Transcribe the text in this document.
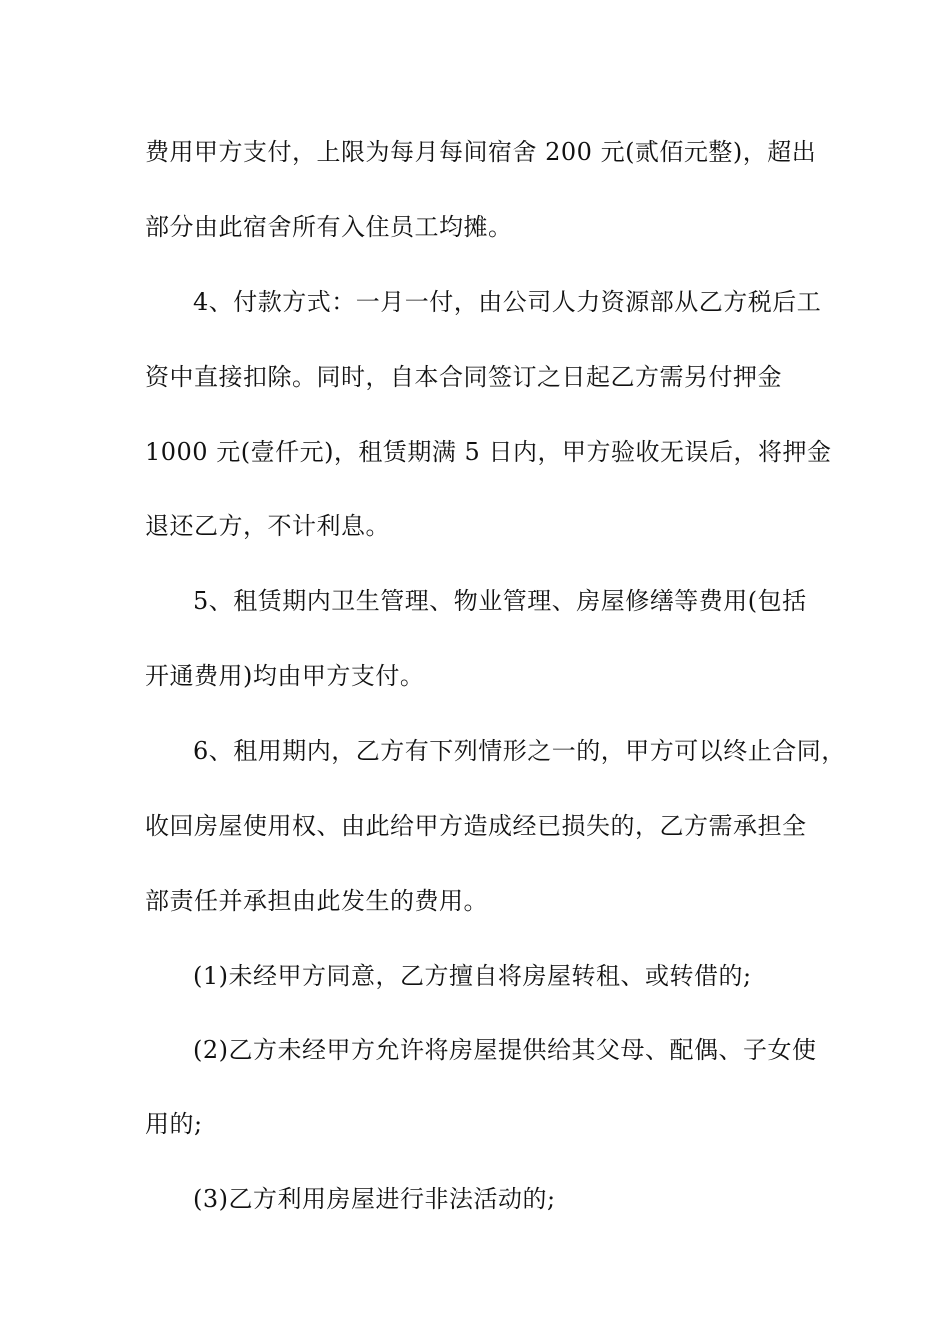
费用甲方支付，上限为每月每间宿舍 200 元(贰佰元整)，超出
部分由此宿舍所有入住员工均摊。
4、付款方式：一月一付，由公司人力资源部从乙方税后工
资中直接扣除。同时，自本合同签订之日起乙方需另付押金
1000 元(壹仟元)，租赁期满 5 日内，甲方验收无误后，将押金
退还乙方，不计利息。
5、租赁期内卫生管理、物业管理、房屋修缮等费用(包括
开通费用)均由甲方支付。
6、租用期内，乙方有下列情形之一的，甲方可以终止合同，
收回房屋使用权、由此给甲方造成经已损失的，乙方需承担全
部责任并承担由此发生的费用。
(1)未经甲方同意，乙方擅自将房屋转租、或转借的;
(2)乙方未经甲方允许将房屋提供给其父母、配偶、子女使
用的;
(3)乙方利用房屋进行非法活动的;
